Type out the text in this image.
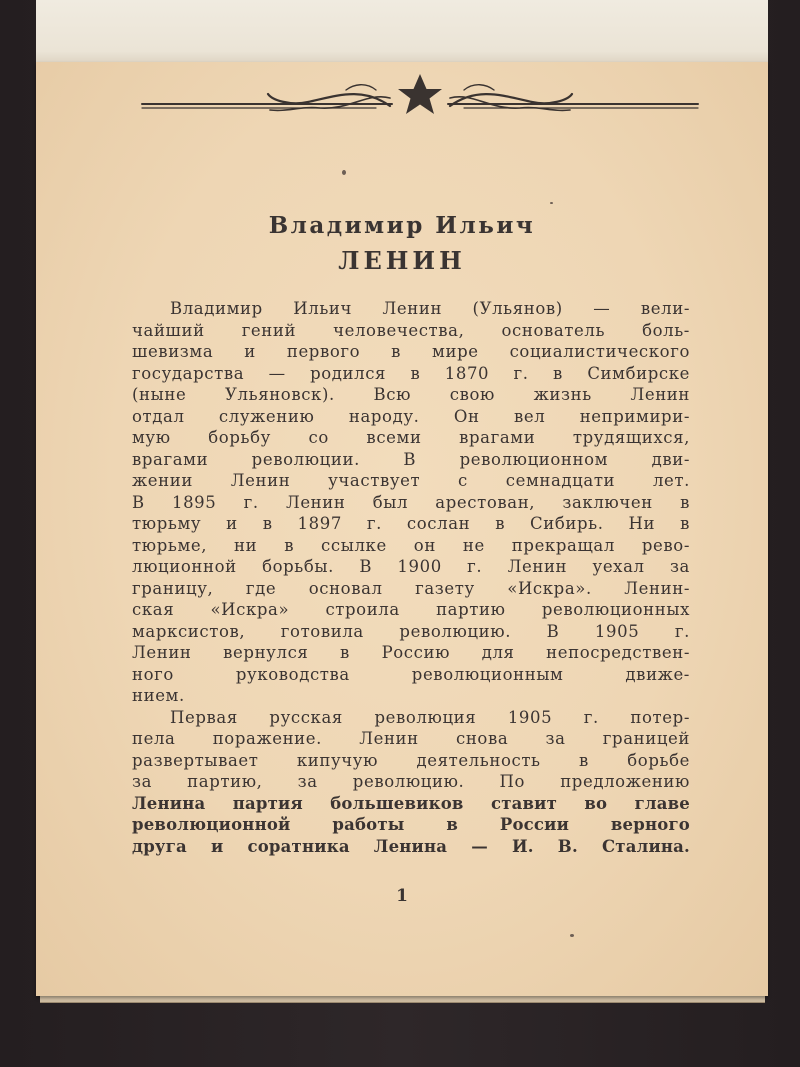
Владимир Ильич
ЛЕНИН
Владимир Ильич Ленин (Ульянов) — вели-
чайший гений человечества, основатель боль-
шевизма и первого в мире социалистического
государства — родился в 1870 г. в Симбирске
(ныне Ульяновск). Всю свою жизнь Ленин
отдал служению народу. Он вел непримири-
мую борьбу со всеми врагами трудящихся,
врагами революции. В революционном дви-
жении Ленин участвует с семнадцати лет.
В 1895 г. Ленин был арестован, заключен в
тюрьму и в 1897 г. сослан в Сибирь. Ни в
тюрьме, ни в ссылке он не прекращал рево-
люционной борьбы. В 1900 г. Ленин уехал за
границу, где основал газету «Искра». Ленин-
ская «Искра» строила партию революционных
марксистов, готовила революцию. В 1905 г.
Ленин вернулся в Россию для непосредствен-
ного руководства революционным движе-
нием.
Первая русская революция 1905 г. потер-
пела поражение. Ленин снова за границей
развертывает кипучую деятельность в борьбе
за партию, за революцию. По предложению
Ленина партия большевиков ставит во главе
революционной работы в России верного
друга и соратника Ленина — И. В. Сталина.
1
